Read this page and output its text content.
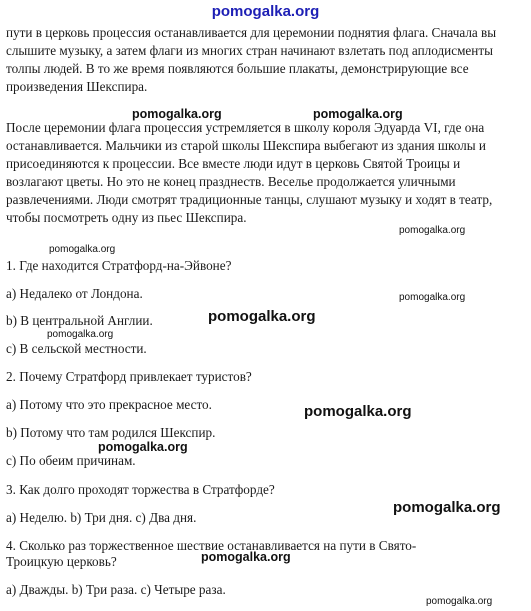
pomogalka.org

пути в церковь процессия останавливается для церемонии поднятия флага. Сначала вы слышите музыку, а затем флаги из многих стран начинают взлетать под аплодисменты толпы людей. В то же время появляются большие плакаты, демонстрирующие все произведения Шекспира.

После церемонии флага процессия устремляется в школу короля Эдуарда VI, где она останавливается. Мальчики из старой школы Шекспира выбегают из здания школы и присоединяются к процессии. Все вместе люди идут в церковь Святой Троицы и возлагают цветы. Но это не конец празднеств. Веселье продолжается уличными развлечениями. Люди смотрят традиционные танцы, слушают музыку и ходят в театр, чтобы посмотреть одну из пьес Шекспира.

1. Где находится Стратфорд-на-Эйвоне?
a) Недалеко от Лондона.
b) В центральной Англии.
c) В сельской местности.
2. Почему Стратфорд привлекает туристов?
a) Потому что это прекрасное место.
b) Потому что там родился Шекспир.
c) По обеим причинам.
3. Как долго проходят торжества в Стратфорде?
a) Неделю. b) Три дня. c) Два дня.
4. Сколько раз торжественное шествие останавливается на пути в Свято-
Троицкую церковь?
a) Дважды. b) Три раза. c) Четыре раза.
pomogalka.org	pomogalka.org
pomogalka.org
pomogalka.org
pomogalka.org
pomogalka.org
pomogalka.org
pomogalka.org
pomogalka.org
pomogalka.org
pomogalka.org
pomogalka.org
